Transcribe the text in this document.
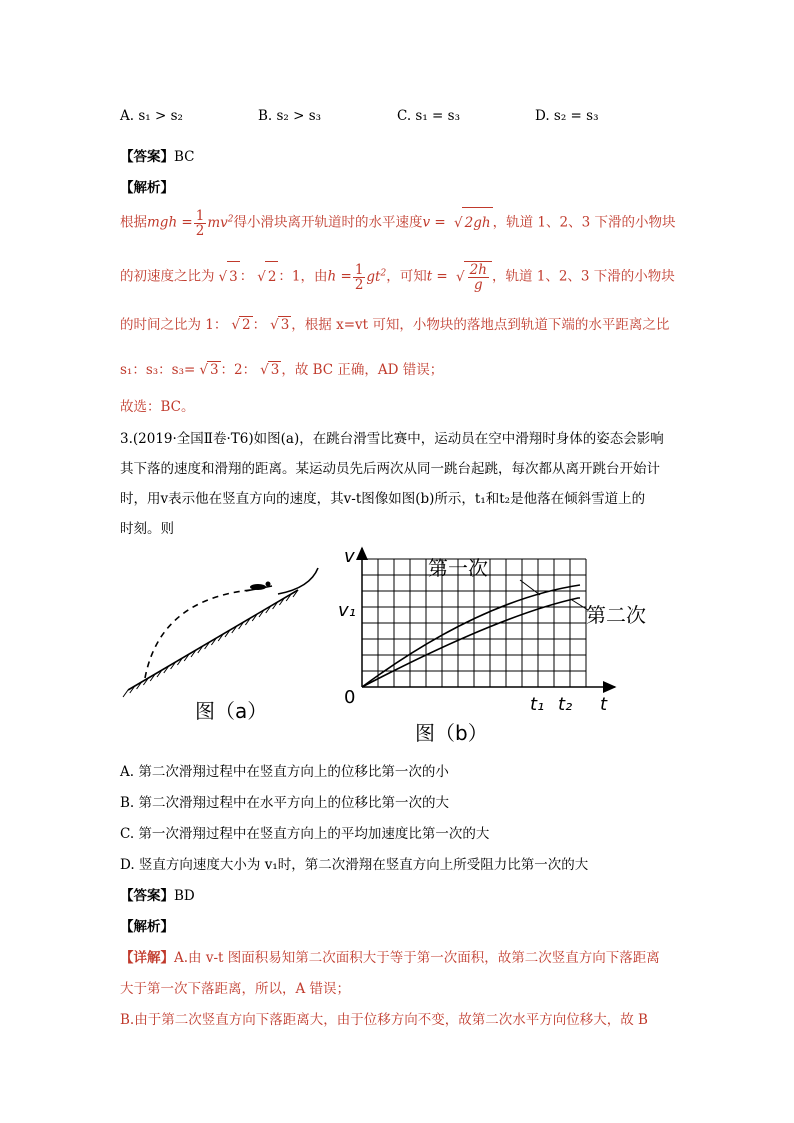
A. s₁ > s₂	B. s₂ > s₃	C. s₁ = s₃	D. s₂ = s₃
【答案】BC
【解析】
根据mgh = $\frac{1}{2} mv^2$得小滑块离开轨道时的水平速度v = √ 2gh ，轨道 1、2、3 下滑的小物块
的初速度之比为 √ 3 ： √ 2 ：1，由$h = \frac{1}{2} gt^2$，可知t = √ $\frac{2h}{g}$ ，轨道 1、2、3 下滑的小物块
的时间之比为 1： √ 2 ： √ 3 ，根据 x=vt 可知，小物块的落地点到轨道下端的水平距离之比
s₁：s₃：s₃= √ 3 ：2： √ 3 ，故 BC 正确，AD 错误；
故选：BC。
3.(2019·全国Ⅱ卷·T6)如图(a)，在跳台滑雪比赛中，运动员在空中滑翔时身体的姿态会影响
其下落的速度和滑翔的距离。某运动员先后两次从同一跳台起跳，每次都从离开跳台开始计
时，用v表示他在竖直方向的速度，其v-t图像如图(b)所示，t₁和t₂是他落在倾斜雪道上的
时刻。则
图（a）
v
t
0
v₁
t₁ t₂
第一次
第二次
图（b）
A. 第二次滑翔过程中在竖直方向上的位移比第一次的小
B. 第二次滑翔过程中在水平方向上的位移比第一次的大
C. 第一次滑翔过程中在竖直方向上的平均加速度比第一次的大
D. 竖直方向速度大小为 v₁时，第二次滑翔在竖直方向上所受阻力比第一次的大
【答案】BD
【解析】
【详解】A.由 v-t 图面积易知第二次面积大于等于第一次面积，故第二次竖直方向下落距离
大于第一次下落距离，所以，A 错误；
B.由于第二次竖直方向下落距离大，由于位移方向不变，故第二次水平方向位移大，故 B
